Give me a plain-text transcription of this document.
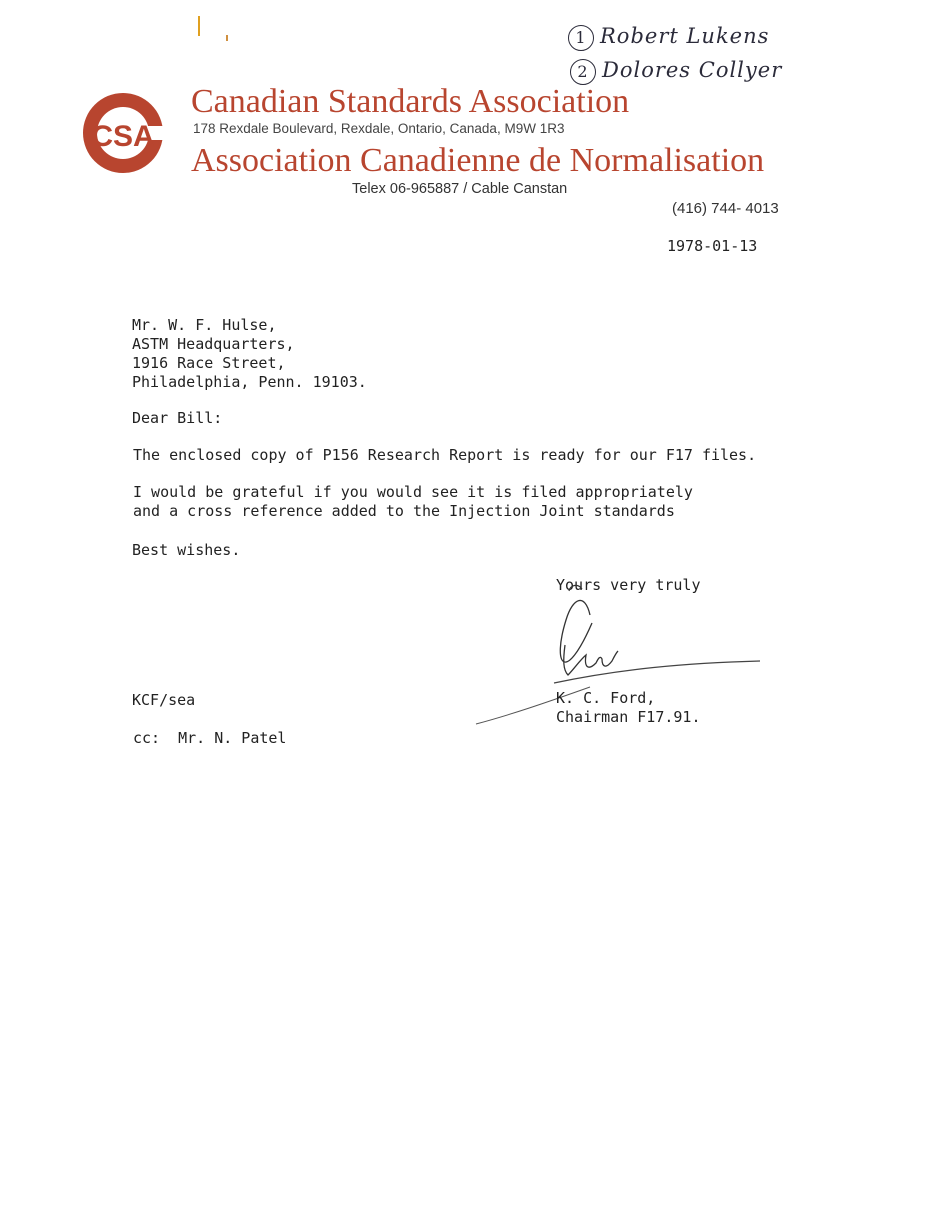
1 Robert Lukens
2 Dolores Collyer
CSA
Canadian Standards Association
178 Rexdale Boulevard, Rexdale, Ontario, Canada, M9W 1R3
Association Canadienne de Normalisation
Telex 06-965887 / Cable Canstan
(416) 744- 4013
1978-01-13
Mr. W. F. Hulse,
ASTM Headquarters,
1916 Race Street,
Philadelphia, Penn. 19103.
Dear Bill:
The enclosed copy of P156 Research Report is ready for our F17 files.
I would be grateful if you would see it is filed appropriately
and a cross reference added to the Injection Joint standards
Best wishes.
Yours very truly
K. C. Ford,
Chairman F17.91.
KCF/sea
cc: Mr. N. Patel
